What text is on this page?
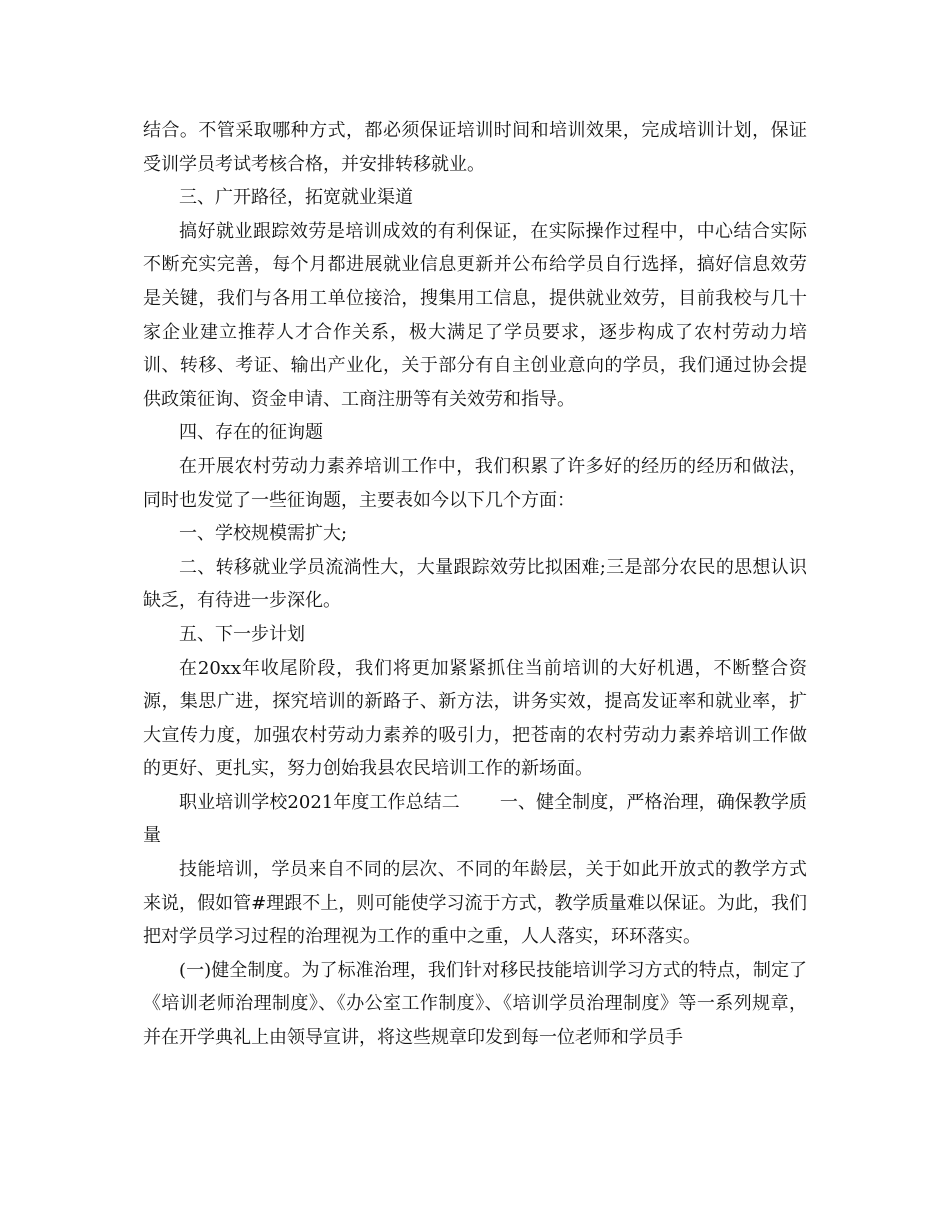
结合。不管采取哪种方式，都必须保证培训时间和培训效果，完成培训计划，保证受训学员考试考核合格，并安排转移就业。

三、广开路径，拓宽就业渠道

搞好就业跟踪效劳是培训成效的有利保证，在实际操作过程中，中心结合实际不断充实完善，每个月都进展就业信息更新并公布给学员自行选择，搞好信息效劳是关键，我们与各用工单位接洽，搜集用工信息，提供就业效劳，目前我校与几十家企业建立推荐人才合作关系，极大满足了学员要求，逐步构成了农村劳动力培训、转移、考证、输出产业化，关于部分有自主创业意向的学员，我们通过协会提供政策征询、资金申请、工商注册等有关效劳和指导。

四、存在的征询题

在开展农村劳动力素养培训工作中，我们积累了许多好的经历的经历和做法，同时也发觉了一些征询题，主要表如今以下几个方面：

一、学校规模需扩大;

二、转移就业学员流淌性大，大量跟踪效劳比拟困难;三是部分农民的思想认识缺乏，有待进一步深化。

五、下一步计划

在20xx年收尾阶段，我们将更加紧紧抓住当前培训的大好机遇，不断整合资源，集思广进，探究培训的新路子、新方法，讲务实效，提高发证率和就业率，扩大宣传力度，加强农村劳动力素养的吸引力，把苍南的农村劳动力素养培训工作做的更好、更扎实，努力创始我县农民培训工作的新场面。

职业培训学校2021年度工作总结二 一、健全制度，严格治理，确保教学质量

技能培训，学员来自不同的层次、不同的年龄层，关于如此开放式的教学方式来说，假如管#理跟不上，则可能使学习流于方式，教学质量难以保证。为此，我们把对学员学习过程的治理视为工作的重中之重，人人落实，环环落实。

(一)健全制度。为了标准治理，我们针对移民技能培训学习方式的特点，制定了《培训老师治理制度》、《办公室工作制度》、《培训学员治理制度》等一系列规章，并在开学典礼上由领导宣讲，将这些规章印发到每一位老师和学员手
